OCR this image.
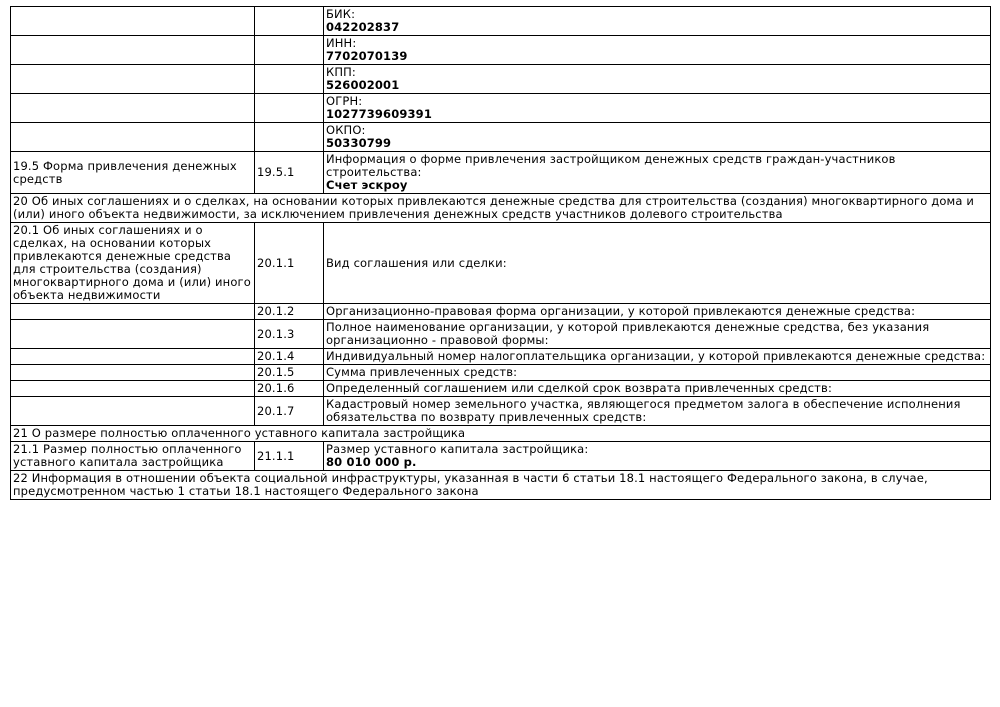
		БИК:
042202837

		ИНН:
7702070139

		КПП:
526002001

		ОГРН:
1027739609391

		ОКПО:
50330799

19.5 Форма привлечения денежных средств	19.5.1	Информация о форме привлечения застройщиком денежных средств граждан-участников строительства:
Счет эскроу

20 Об иных соглашениях и о сделках, на основании которых привлекаются денежные средства для строительства (создания) многоквартирного дома и (или) иного объекта недвижимости, за исключением привлечения денежных средств участников долевого строительства		
20.1 Об иных соглашениях и о сделках, на основании которых привлекаются денежные средства для строительства (создания) многоквартирного дома и (или) иного объекта недвижимости	20.1.1	Вид соглашения или сделки:
	20.1.2	Организационно-правовая форма организации, у которой привлекаются денежные средства:
	20.1.3	Полное наименование организации, у которой привлекаются денежные средства, без указания организационно - правовой формы:
	20.1.4	Индивидуальный номер налогоплательщика организации, у которой привлекаются денежные средства:
	20.1.5	Сумма привлеченных средств:
	20.1.6	Определенный соглашением или сделкой срок возврата привлеченных средств:
	20.1.7	Кадастровый номер земельного участка, являющегося предметом залога в обеспечение исполнения обязательства по возврату привлеченных средств:
21 О размере полностью оплаченного уставного капитала застройщика		
21.1 Размер полностью оплаченного уставного капитала застройщика	21.1.1	Размер уставного капитала застройщика:
80 010 000 р.

22 Информация в отношении объекта социальной инфраструктуры, указанная в части 6 статьи 18.1 настоящего Федерального закона, в случае, предусмотренном частью 1 статьи 18.1 настоящего Федерального закона		
